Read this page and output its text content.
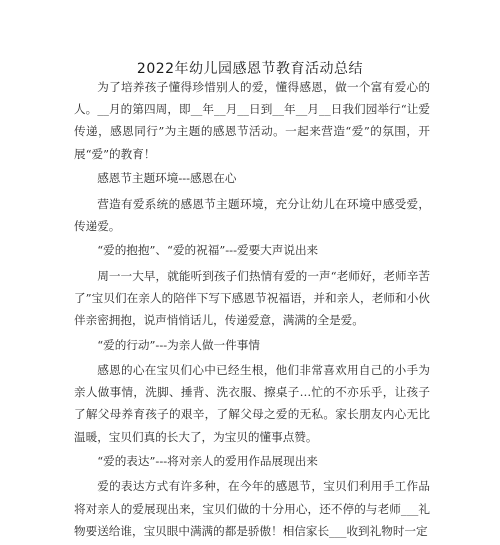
2022年幼儿园感恩节教育活动总结

为了培养孩子懂得珍惜别人的爱，懂得感恩，做一个富有爱心的人。__月的第四周，即__年__月__日到__年__月__日我们园举行“让爱传递，感恩同行”为主题的感恩节活动。一起来营造“爱”的氛围，开展“爱”的教育！

感恩节主题环境---感恩在心

营造有爱系统的感恩节主题环境，充分让幼儿在环境中感受爱，传递爱。

“爱的抱抱”、“爱的祝福”---爱要大声说出来

周一一大早，就能听到孩子们热情有爱的一声“老师好，老师辛苦了”宝贝们在亲人的陪伴下写下感恩节祝福语，并和亲人，老师和小伙伴亲密拥抱，说声悄悄话儿，传递爱意，满满的全是爱。

“爱的行动”---为亲人做一件事情

感恩的心在宝贝们心中已经生根，他们非常喜欢用自己的小手为亲人做事情，洗脚、捶背、洗衣服、擦桌子…忙的不亦乐乎，让孩子了解父母养育孩子的艰辛，了解父母之爱的无私。家长朋友内心无比温暖，宝贝们真的长大了，为宝贝的懂事点赞。

“爱的表达”---将对亲人的爱用作品展现出来

爱的表达方式有许多种，在今年的感恩节，宝贝们利用手工作品将对亲人的爱展现出来，宝贝们做的十分用心，还不停的与老师___礼物要送给谁，宝贝眼中满满的都是骄傲！相信家长___收到礼物时一定
